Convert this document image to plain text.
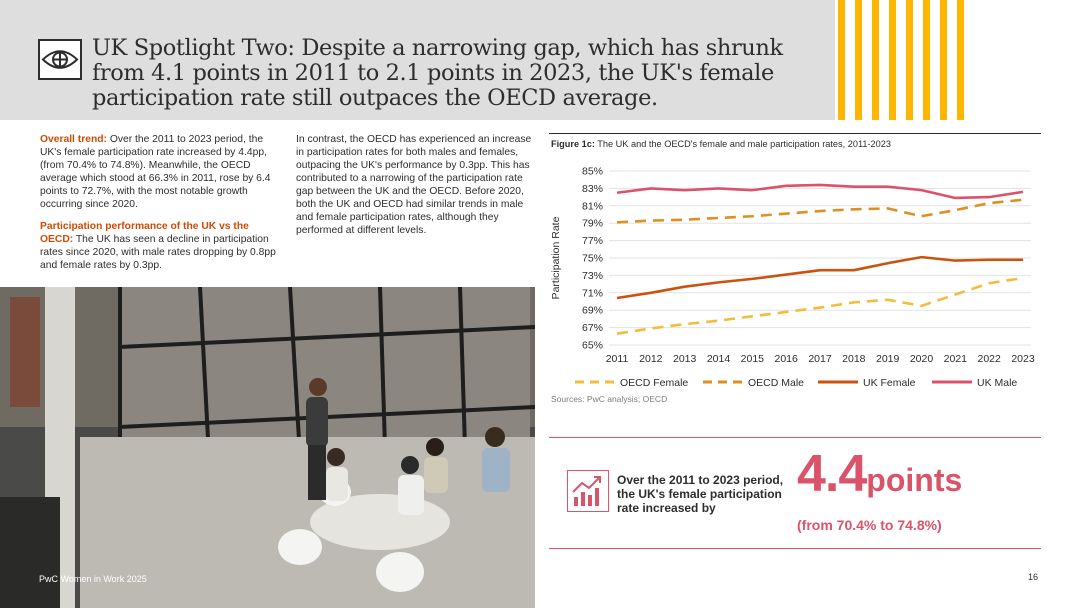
UK Spotlight Two: Despite a narrowing gap, which has shrunk from 4.1 points in 2011 to 2.1 points in 2023, the UK's female participation rate still outpaces the OECD average.

Overall trend: Over the 2011 to 2023 period, the UK's female participation rate increased by 4.4pp, (from 70.4% to 74.8%). Meanwhile, the OECD average which stood at 66.3% in 2011, rose by 6.4 points to 72.7%, with the most notable growth occurring since 2020.

Participation performance of the UK vs the OECD: The UK has seen a decline in participation rates since 2020, with male rates dropping by 0.8pp and female rates by 0.3pp.

In contrast, the OECD has experienced an increase in participation rates for both males and females, outpacing the UK's performance by 0.3pp. This has contributed to a narrowing of the participation rate gap between the UK and the OECD. Before 2020, both the UK and OECD had similar trends in male and female participation rates, although they performed at different levels.

PwC Women in Work 2025
Figure 1c: The UK and the OECD's female and male participation rates, 2011-2023
65%
67%
69%
71%
73%
75%
77%
79%
81%
83%
85%
2011 2012 2013 2014 2015 2016 2017 2018 2019 2020 2021 2022 2023
Participation Rate
OECD Female	OECD Male	UK Female	UK Male
Sources: PwC analysis; OECD
Over the 2011 to 2023 period, the UK's female participation rate increased by
4.4points
(from 70.4% to 74.8%)
16
